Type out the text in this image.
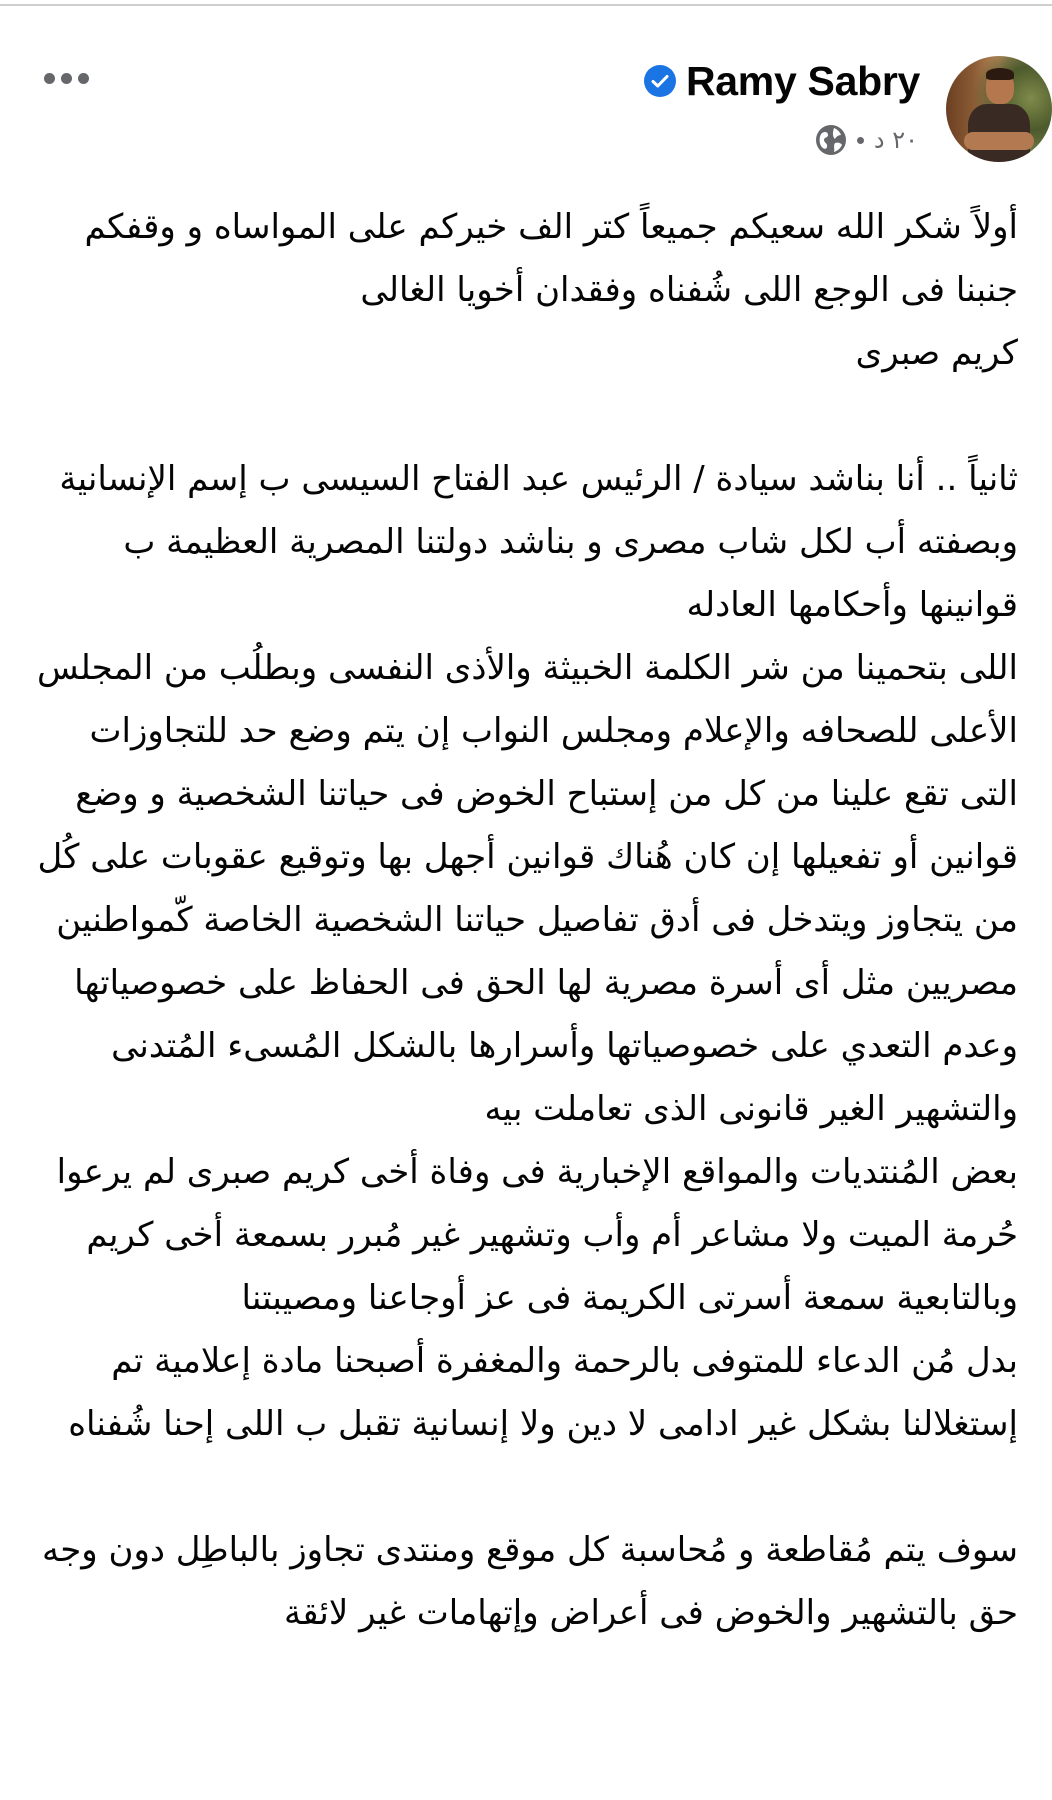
Ramy Sabry
٢٠ د

أولاً شكر الله سعيكم جميعاً كتر الف خيركم على المواساه و وقفكم جنبنا فى الوجع اللى شُفناه وفقدان أخويا الغالى

كريم صبرى

ثانياً .. أنا بناشد سيادة / الرئيس عبد الفتاح السيسى ب إسم الإنسانية وبصفته أب لكل شاب مصرى و بناشد دولتنا المصرية العظيمة ب قوانينها وأحكامها العادله

اللى بتحمينا من شر الكلمة الخبيثة والأذى النفسى وبطلُب من المجلس الأعلى للصحافه والإعلام ومجلس النواب إن يتم وضع حد للتجاوزات التى تقع علينا من كل من إستباح الخوض فى حياتنا الشخصية و وضع قوانين أو تفعيلها إن كان هُناك قوانين أجهل بها وتوقيع عقوبات على كُل من يتجاوز ويتدخل فى أدق تفاصيل حياتنا الشخصية الخاصة كّمواطنين مصريين مثل أى أسرة مصرية لها الحق فى الحفاظ على خصوصياتها وعدم التعدي على خصوصياتها وأسرارها بالشكل المُسىء المُتدنى والتشهير الغير قانونى الذى تعاملت بيه

بعض المُنتديات والمواقع الإخبارية فى وفاة أخى كريم صبرى لم يرعوا حُرمة الميت ولا مشاعر أم وأب وتشهير غير مُبرر بسمعة أخى كريم وبالتابعية سمعة أسرتى الكريمة فى عز أوجاعنا ومصيبتنا

بدل مُن الدعاء للمتوفى بالرحمة والمغفرة أصبحنا مادة إعلامية تم إستغلالنا بشكل غير ادامى لا دين ولا إنسانية تقبل ب اللى إحنا شُفناه

سوف يتم مُقاطعة و مُحاسبة كل موقع ومنتدى تجاوز بالباطِل دون وجه حق بالتشهير والخوض فى أعراض وإتهامات غير لائقة
